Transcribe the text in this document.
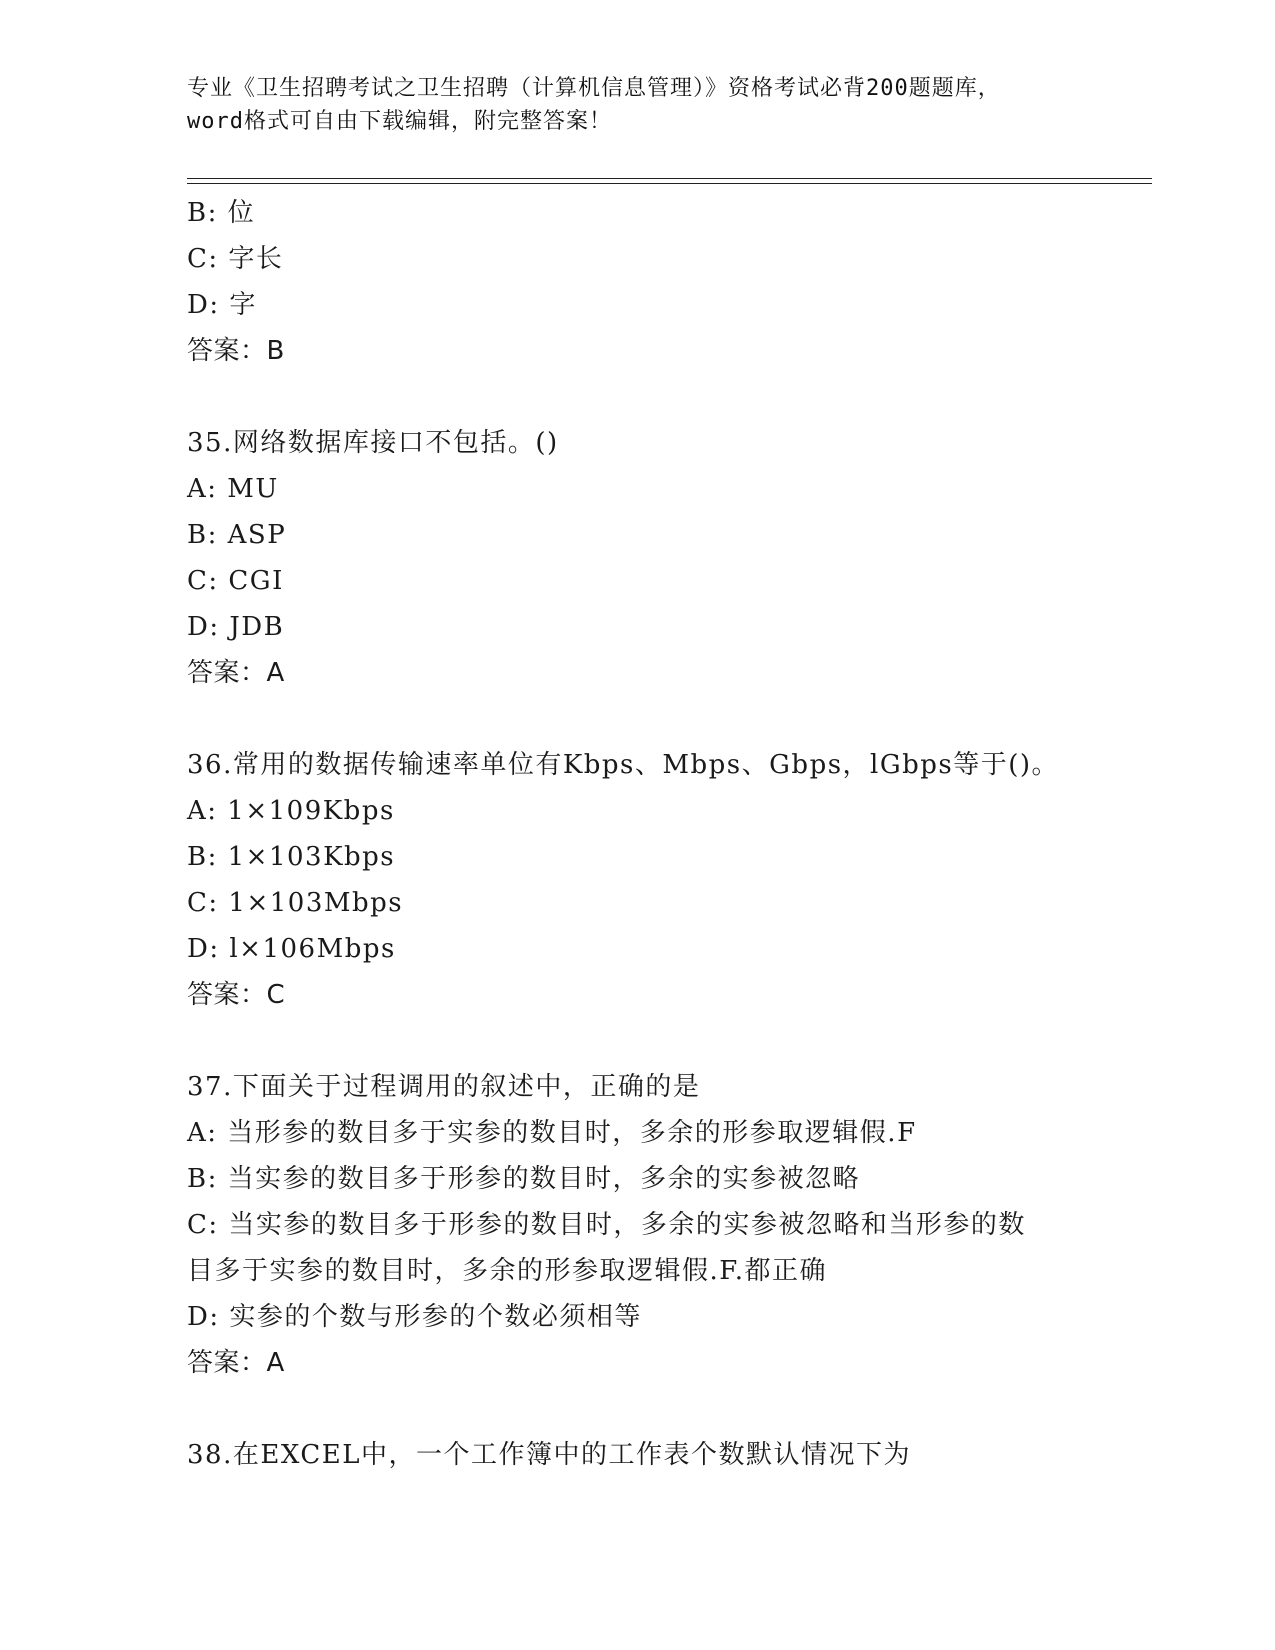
专业《卫生招聘考试之卫生招聘（计算机信息管理）》资格考试必背200题题库，
word格式可自由下载编辑，附完整答案！
B: 位
C: 字长
D: 字
答案：B
35.网络数据库接口不包括。()
A: MU
B: ASP
C: CGI
D: JDB
答案：A
36.常用的数据传输速率单位有Kbps、Mbps、Gbps，lGbps等于()。
A: 1×109Kbps
B: 1×103Kbps
C: 1×103Mbps
D: l×106Mbps
答案：C
37.下面关于过程调用的叙述中，正确的是
A: 当形参的数目多于实参的数目时，多余的形参取逻辑假.F
B: 当实参的数目多于形参的数目时，多余的实参被忽略
C: 当实参的数目多于形参的数目时，多余的实参被忽略和当形参的数
目多于实参的数目时，多余的形参取逻辑假.F.都正确
D: 实参的个数与形参的个数必须相等
答案：A
38.在EXCEL中，一个工作簿中的工作表个数默认情况下为
